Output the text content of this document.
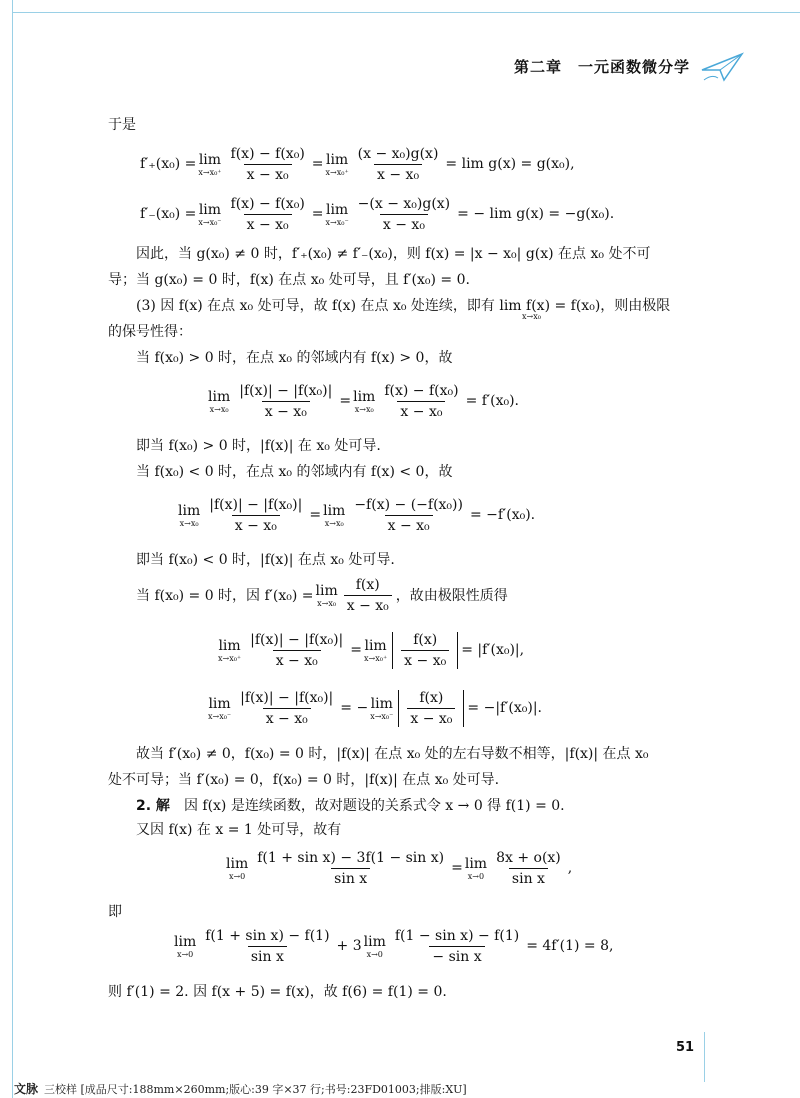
第二章　一元函数微分学
于是
f′₊(x₀) = lim
$x\to x_0^+ \frac{\text{f(x) − f(x₀)}}{\text{x − x₀}} = \lim$
$x\to x_0^+ \frac{\text{(x − x₀)g(x)}}{\text{x − x₀}} = \lim g(x) = g(x_0)$,
f′₋(x₀) = lim
$x\to x_0^- \frac{\text{f(x) − f(x₀)}}{\text{x − x₀}} = \lim$
$x\to x_0^- \frac{\text{−(x − x₀)g(x)}}{\text{x − x₀}}$ = − lim g(x) = −g(x₀).
因此，当 g(x₀) ≠ 0 时，f′₊(x₀) ≠ f′₋(x₀)，则 f(x) = |x − x₀| g(x) 在点 x₀ 处不可
导；当 g(x₀) = 0 时，f(x) 在点 x₀ 处可导，且 f′(x₀) = 0.
(3) 因 f(x) 在点 x₀ 处可导，故 f(x) 在点 x₀ 处连续，即有 lim f(x) = f(x₀)，则由极限
x→x₀
的保号性得：
当 f(x₀) > 0 时，在点 x₀ 的邻域内有 f(x) > 0，故
lim
$x\to x_0 \frac{\text{|f(x)| − |f(x₀)|}}{\text{x − x₀}} = \lim$
$x\to x_0 \frac{\text{f(x) − f(x₀)}}{\text{x − x₀}} = f'(x_0)$.
即当 f(x₀) > 0 时，|f(x)| 在 x₀ 处可导.
当 f(x₀) < 0 时，在点 x₀ 的邻域内有 f(x) < 0，故
lim
$x\to x_0 \frac{\text{|f(x)| − |f(x₀)|}}{\text{x − x₀}} = \lim$
$x\to x_0 \frac{\text{−f(x) − (−f(x₀))}}{\text{x − x₀}} = -f'(x_0)$.
即当 f(x₀) < 0 时，|f(x)| 在点 x₀ 处可导.
当 f(x₀) = 0 时，因 f′(x₀) = lim
$x\to x_0 \frac{f(x)}{\text{x − x₀}}$ ，故由极限性质得
lim
$x\to x_0^+ \frac{\text{|f(x)| − |f(x₀)|}}{\text{x − x₀}} = \lim$
$x\to x_0^+ \frac{f(x)}{\text{x − x₀}} = |f'(x_0)|$,
lim
$x\to x_0^- \frac{\text{|f(x)| − |f(x₀)|}}{\text{x − x₀}}$ = − lim
$x\to x_0^- \frac{f(x)}{\text{x − x₀}} = -|f'(x_0)|$.
故当 f′(x₀) ≠ 0，f(x₀) = 0 时，|f(x)| 在点 x₀ 处的左右导数不相等，|f(x)| 在点 x₀
处不可导；当 f′(x₀) = 0，f(x₀) = 0 时，|f(x)| 在点 x₀ 处可导.
2. 解 因 f(x) 是连续函数，故对题设的关系式令 x → 0 得 f(1) = 0.
又因 f(x) 在 x = 1 处可导，故有
lim
$x\to 0 \frac{\text{f(1 + sin x) − 3f(1 − sin x)}}{\text{sin x}} = \lim$
$x\to 0 \frac{8x + o(x)}{\text{sin x}}$ ,
即
lim
$x\to 0 \frac{\text{f(1 + sin x) − f(1)}}{\text{sin x}} + 3$ lim
$x\to 0 \frac{\text{f(1 − sin x) − f(1)}}{\text{− sin x}} = 4f'(1) = 8$,
则 f′(1) = 2. 因 f(x + 5) = f(x)，故 f(6) = f(1) = 0.
51
文脉 三校样 [成品尺寸:188mm×260mm;版心:39 字×37 行;书号:23FD01003;排版:XU]
